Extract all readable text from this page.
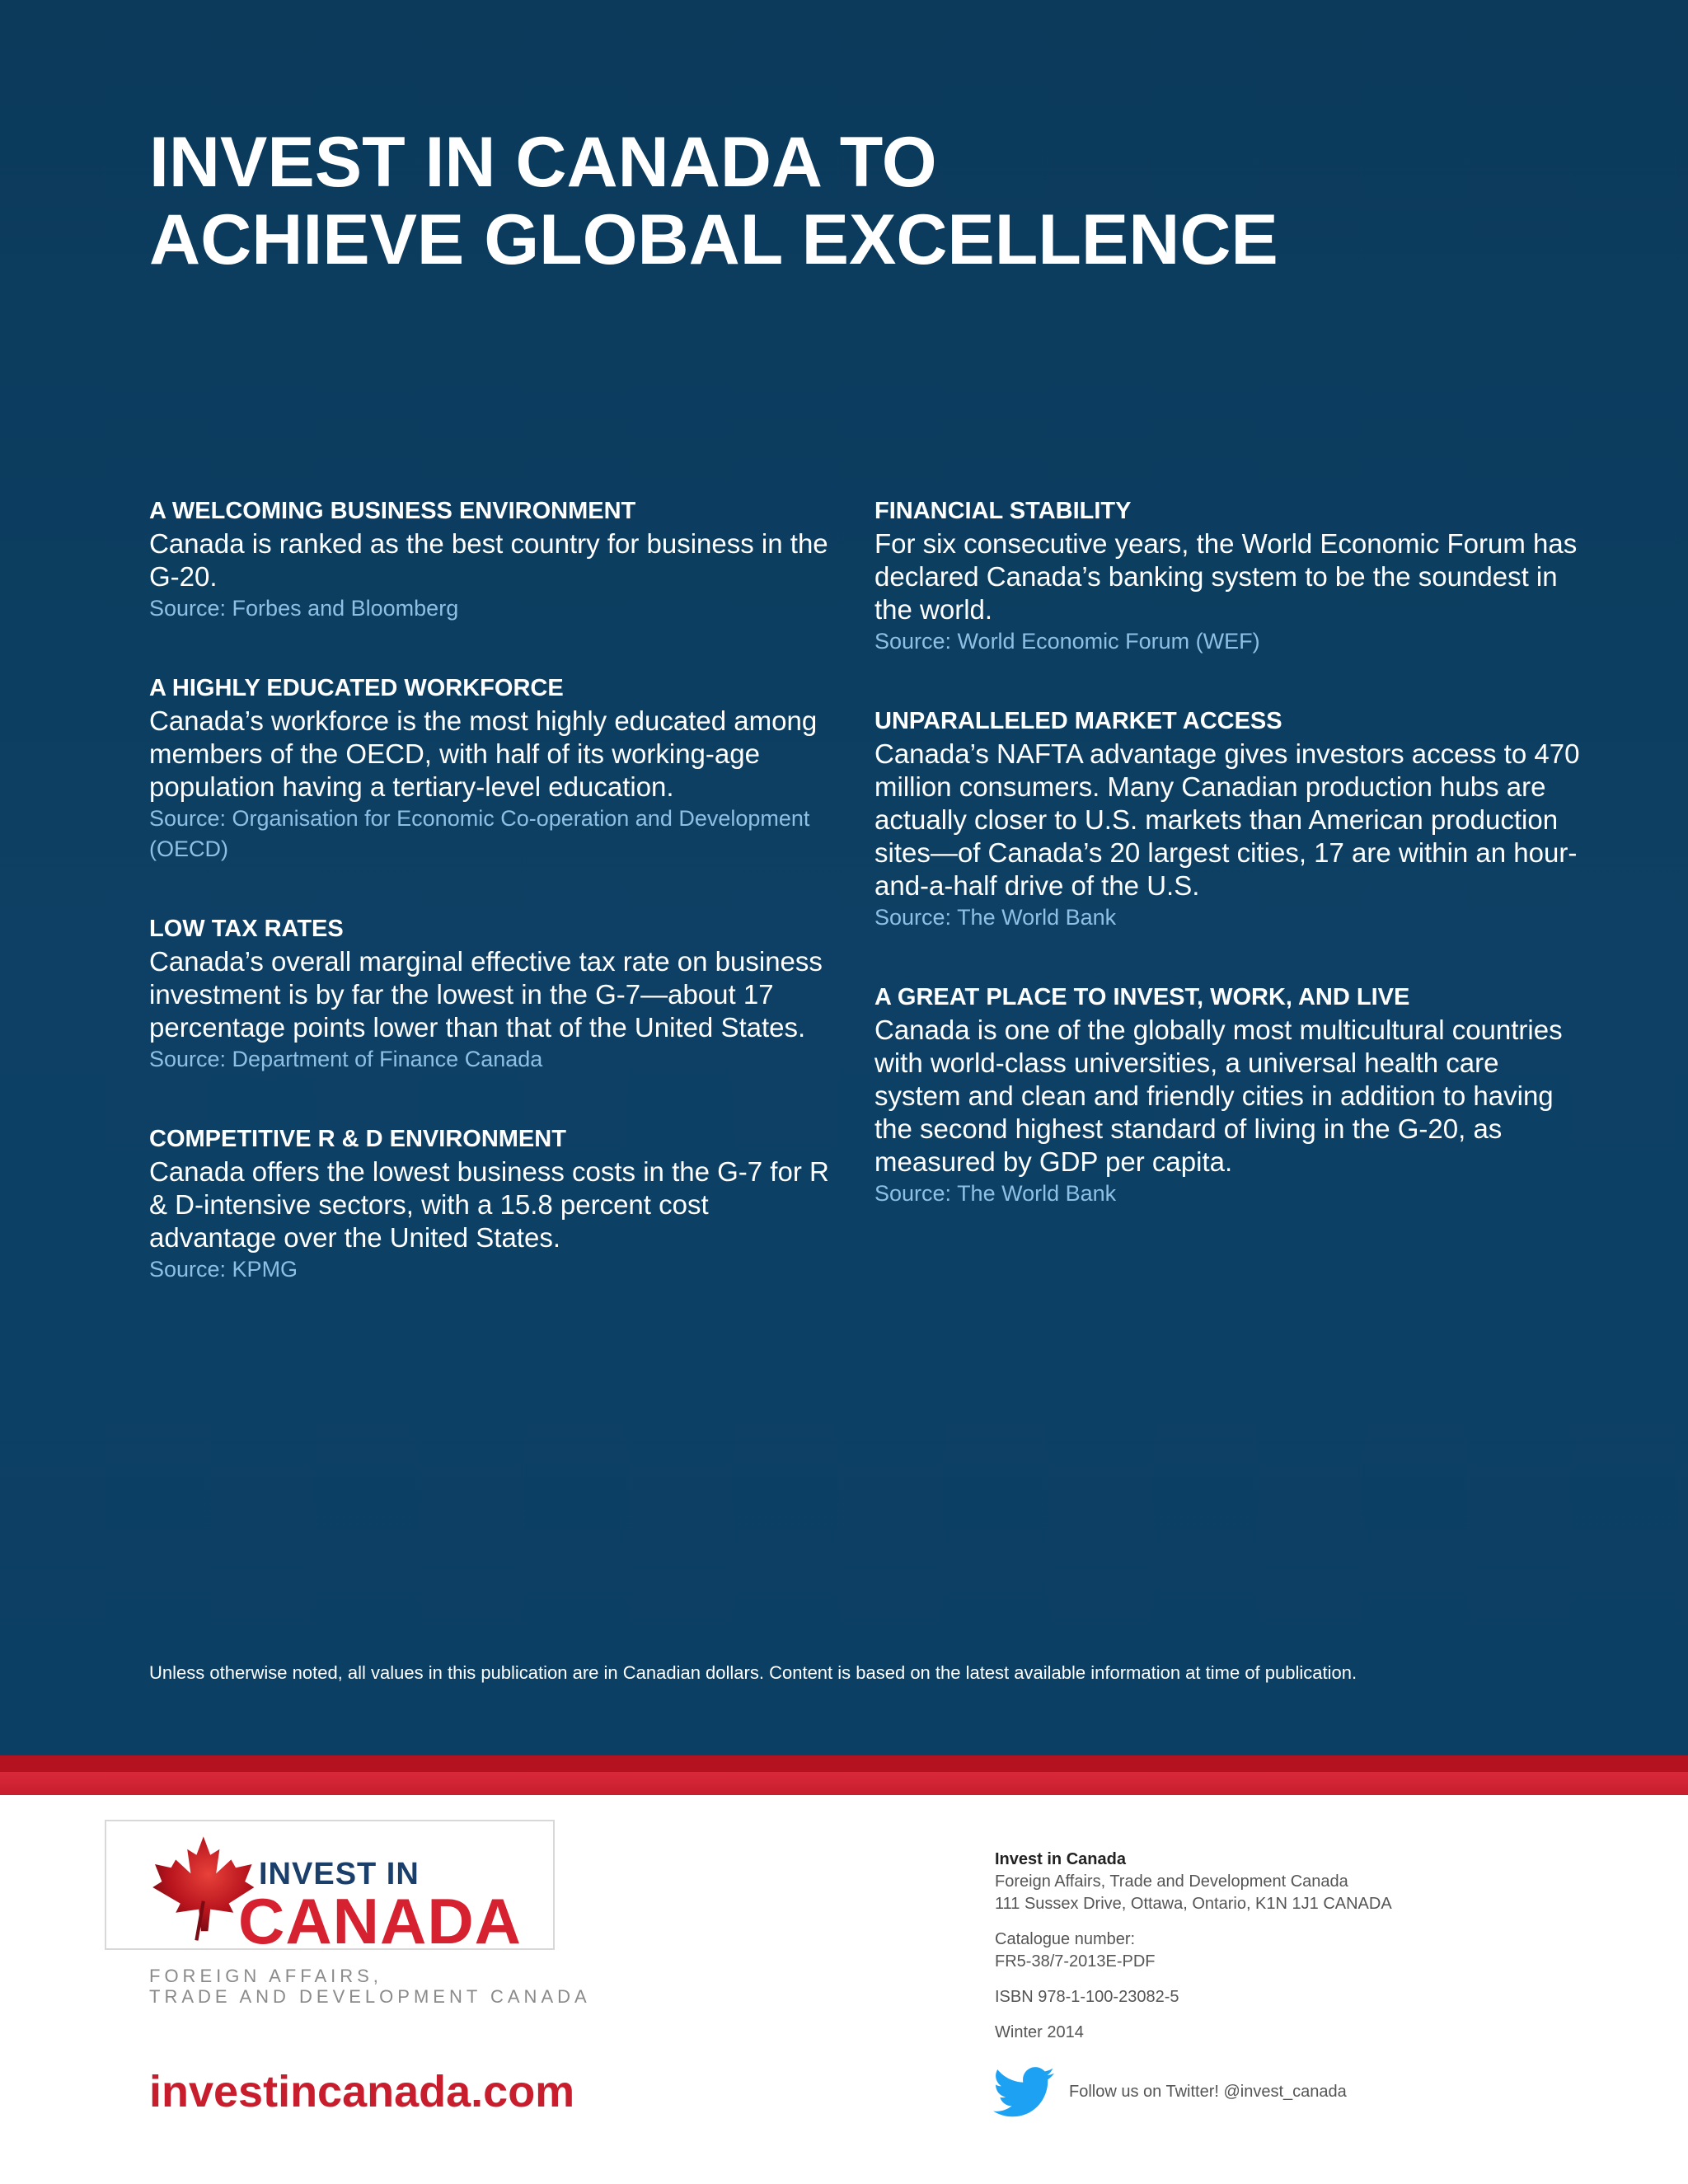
INVEST IN CANADA TO
ACHIEVE GLOBAL EXCELLENCE

A WELCOMING BUSINESS ENVIRONMENT

Canada is ranked as the best country for business in the G-20.

Source: Forbes and Bloomberg

A HIGHLY EDUCATED WORKFORCE

Canada’s workforce is the most highly educated among members of the OECD, with half of its working-age population having a tertiary-level education.

Source: Organisation for Economic Co-operation and Development (OECD)

LOW TAX RATES

Canada’s overall marginal effective tax rate on business investment is by far the lowest in the G-7—about 17 percentage points lower than that of the United States.

Source: Department of Finance Canada

COMPETITIVE R & D ENVIRONMENT

Canada offers the lowest business costs in the G-7 for R & D-intensive sectors, with a 15.8 percent cost advantage over the United States.

Source: KPMG

FINANCIAL STABILITY

For six consecutive years, the World Economic Forum has declared Canada’s banking system to be the soundest in the world.

Source: World Economic Forum (WEF)

UNPARALLELED MARKET ACCESS

Canada’s NAFTA advantage gives investors access to 470 million consumers. Many Canadian production hubs are actually closer to U.S. markets than American production sites—of Canada’s 20 largest cities, 17 are within an hour-and-a-half drive of the U.S.

Source: The World Bank

A GREAT PLACE TO INVEST, WORK, AND LIVE

Canada is one of the globally most multicultural countries with world-class universities, a universal health care system and clean and friendly cities in addition to having the second highest standard of living in the G-20, as measured by GDP per capita.

Source: The World Bank

Unless otherwise noted, all values in this publication are in Canadian dollars. Content is based on the latest available information at time of publication.
INVEST IN
CANADA
FOREIGN AFFAIRS,
TRADE AND DEVELOPMENT CANADA
investincanada.com

Invest in Canada

Foreign Affairs, Trade and Development Canada

111 Sussex Drive, Ottawa, Ontario, K1N 1J1 CANADA

Catalogue number:

FR5-38/7-2013E-PDF

ISBN 978-1-100-23082-5

Winter 2014

Follow us on Twitter! @invest_canada
